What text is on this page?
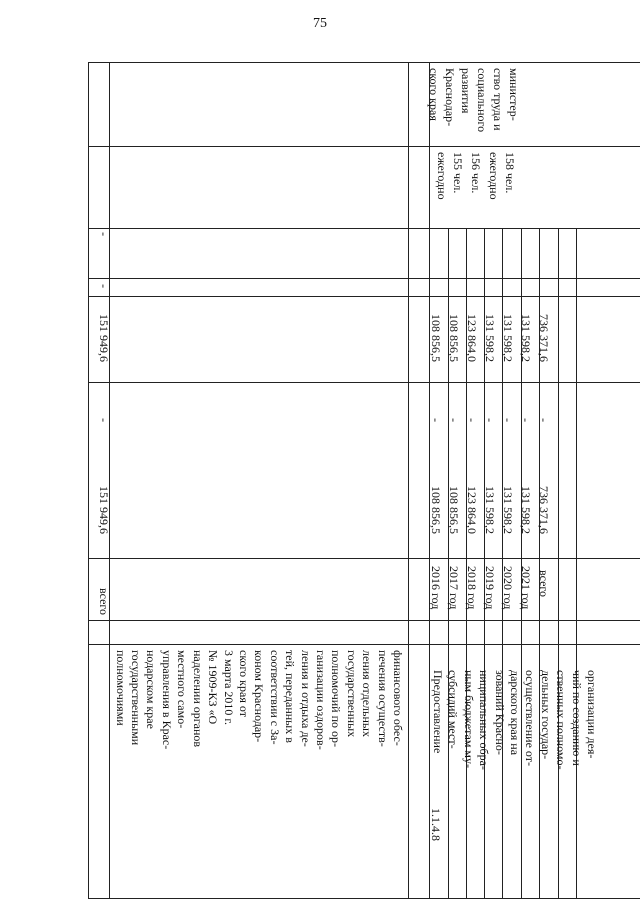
75
финансового обес-
печения осуществ-
ления отдельных
государственных
полномочий по ор-
ганизации оздоров-
ления и отдыха де-
тей, переданных в
соответствии с За-
коном Краснодар-
ского края от
3 марта 2010 г.
№ 1909-КЗ «О
наделении органов
местного само-
управления в Крас-
нодарском крае
государственными
полномочиями
министер-
ство труда и
социального
развития
Краснодар-
ского края
ежегодно 155 чел. 156 чел. ежегодно 158 чел.
-
-
151 949,6
-
151 949,6
всего	2016 год
108 856,5
-
108 856,5
2017 год
108 856,5
-
108 856,5
2018 год
123 864,0
-
123 864,0
2019 год
131 598,2
-
131 598,2
2020 год
131 598,2
-
131 598,2
2021 год
131 598,2
-
131 598,2
всего
736 371,6
-
736 371,6
1.1.4.8
Предоставление субсидий мест- ным бюджетам му- ниципальных обра- зований Красно- дарского края на осуществление от- дельных государ- ственных полномо- чий по созданию и организации дея-
